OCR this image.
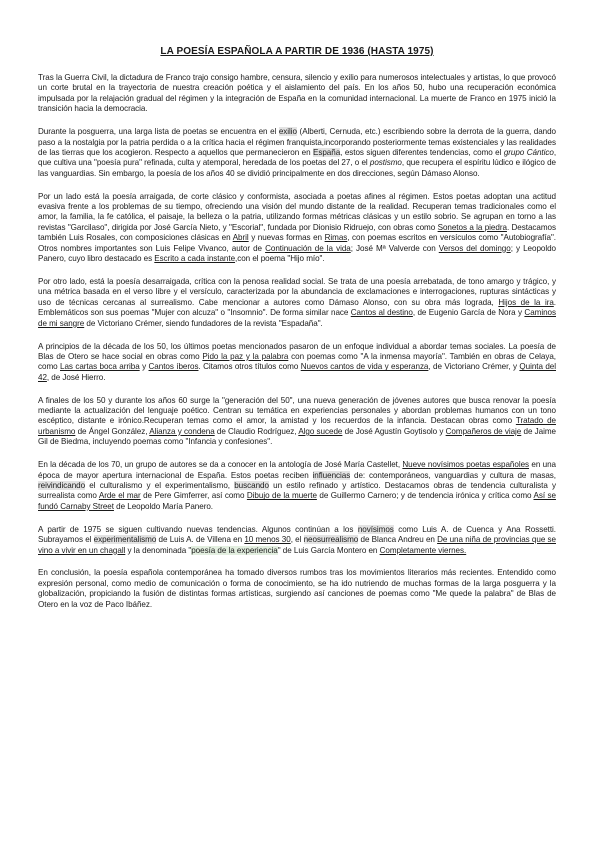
LA POESÍA ESPAÑOLA A PARTIR DE 1936 (HASTA 1975)

Tras la Guerra Civil, la dictadura de Franco trajo consigo hambre, censura, silencio y exilio para numerosos intelectuales y artistas, lo que provocó un corte brutal en la trayectoria de nuestra creación poética y el aislamiento del país. En los años 50, hubo una recuperación económica impulsada por la relajación gradual del régimen y la integración de España en la comunidad internacional. La muerte de Franco en 1975 inició la transición hacia la democracia.

Durante la posguerra, una larga lista de poetas se encuentra en el exilio (Alberti, Cernuda, etc.) escribiendo sobre la derrota de la guerra, dando paso a la nostalgia por la patria perdida o a la crítica hacia el régimen franquista,incorporando posteriormente temas existenciales y las realidades de las tierras que los acogieron. Respecto a aquellos que permanecieron en España, estos siguen diferentes tendencias, como el grupo Cántico, que cultiva una "poesía pura" refinada, culta y atemporal, heredada de los poetas del 27, o el postismo, que recupera el espíritu lúdico e ilógico de las vanguardias. Sin embargo, la poesía de los años 40 se dividió principalmente en dos direcciones, según Dámaso Alonso.

Por un lado está la poesía arraigada, de corte clásico y conformista, asociada a poetas afines al régimen. Estos poetas adoptan una actitud evasiva frente a los problemas de su tiempo, ofreciendo una visión del mundo distante de la realidad. Recuperan temas tradicionales como el amor, la familia, la fe católica, el paisaje, la belleza o la patria, utilizando formas métricas clásicas y un estilo sobrio. Se agrupan en torno a las revistas "Garcilaso", dirigida por José García Nieto, y "Escorial", fundada por Dionisio Ridruejo, con obras como Sonetos a la piedra. Destacamos también Luis Rosales, con composiciones clásicas en Abril y nuevas formas en Rimas, con poemas escritos en versículos como "Autobiografía". Otros nombres importantes son Luis Felipe Vivanco, autor de Continuación de la vida; José Mª Valverde con Versos del domingo; y Leopoldo Panero, cuyo libro destacado es Escrito a cada instante,con el poema "Hijo mío".

Por otro lado, está la poesía desarraigada, crítica con la penosa realidad social. Se trata de una poesía arrebatada, de tono amargo y trágico, y una métrica basada en el verso libre y el versículo, caracterizada por la abundancia de exclamaciones e interrogaciones, rupturas sintácticas y uso de técnicas cercanas al surrealismo. Cabe mencionar a autores como Dámaso Alonso, con su obra más lograda, Hijos de la ira. Emblemáticos son sus poemas "Mujer con alcuza" o "Insomnio". De forma similar nace Cantos al destino, de Eugenio García de Nora y Caminos de mi sangre de Victoriano Crémer, siendo fundadores de la revista "Espadaña".

A principios de la década de los 50, los últimos poetas mencionados pasaron de un enfoque individual a abordar temas sociales. La poesía de Blas de Otero se hace social en obras como Pido la paz y la palabra con poemas como "A la inmensa mayoría". También en obras de Celaya, como Las cartas boca arriba y Cantos íberos. Citamos otros títulos como Nuevos cantos de vida y esperanza, de Victoriano Crémer, y Quinta del 42, de José Hierro.

A finales de los 50 y durante los años 60 surge la "generación del 50", una nueva generación de jóvenes autores que busca renovar la poesía mediante la actualización del lenguaje poético. Centran su temática en experiencias personales y abordan problemas humanos con un tono escéptico, distante e irónico.Recuperan temas como el amor, la amistad y los recuerdos de la infancia. Destacan obras como Tratado de urbanismo de Ángel González, Alianza y condena de Claudio Rodríguez, Algo sucede de José Agustín Goytisolo y Compañeros de viaje de Jaime Gil de Biedma, incluyendo poemas como "Infancia y confesiones".

En la década de los 70, un grupo de autores se da a conocer en la antología de José María Castellet, Nueve novísimos poetas españoles en una época de mayor apertura internacional de España. Estos poetas reciben influencias de: contemporáneos, vanguardias y cultura de masas, reivindicando el culturalismo y el experimentalismo, buscando un estilo refinado y artístico. Destacamos obras de tendencia culturalista y surrealista como Arde el mar de Pere Gimferrer, así como Dibujo de la muerte de Guillermo Carnero; y de tendencia irónica y crítica como Así se fundó Carnaby Street de Leopoldo María Panero.

A partir de 1975 se siguen cultivando nuevas tendencias. Algunos continúan a los novísimos como Luis A. de Cuenca y Ana Rossetti. Subrayamos el experimentalismo de Luis A. de Villena en 10 menos 30, el neosurrealismo de Blanca Andreu en De una niña de provincias que se vino a vivir en un chagall y la denominada "poesía de la experiencia" de Luis García Montero en Completamente viernes.

En conclusión, la poesía española contemporánea ha tomado diversos rumbos tras los movimientos literarios más recientes. Entendido como expresión personal, como medio de comunicación o forma de conocimiento, se ha ido nutriendo de muchas formas de la larga posguerra y la globalización, propiciando la fusión de distintas formas artísticas, surgiendo así canciones de poemas como "Me quede la palabra" de Blas de Otero en la voz de Paco Ibáñez.
